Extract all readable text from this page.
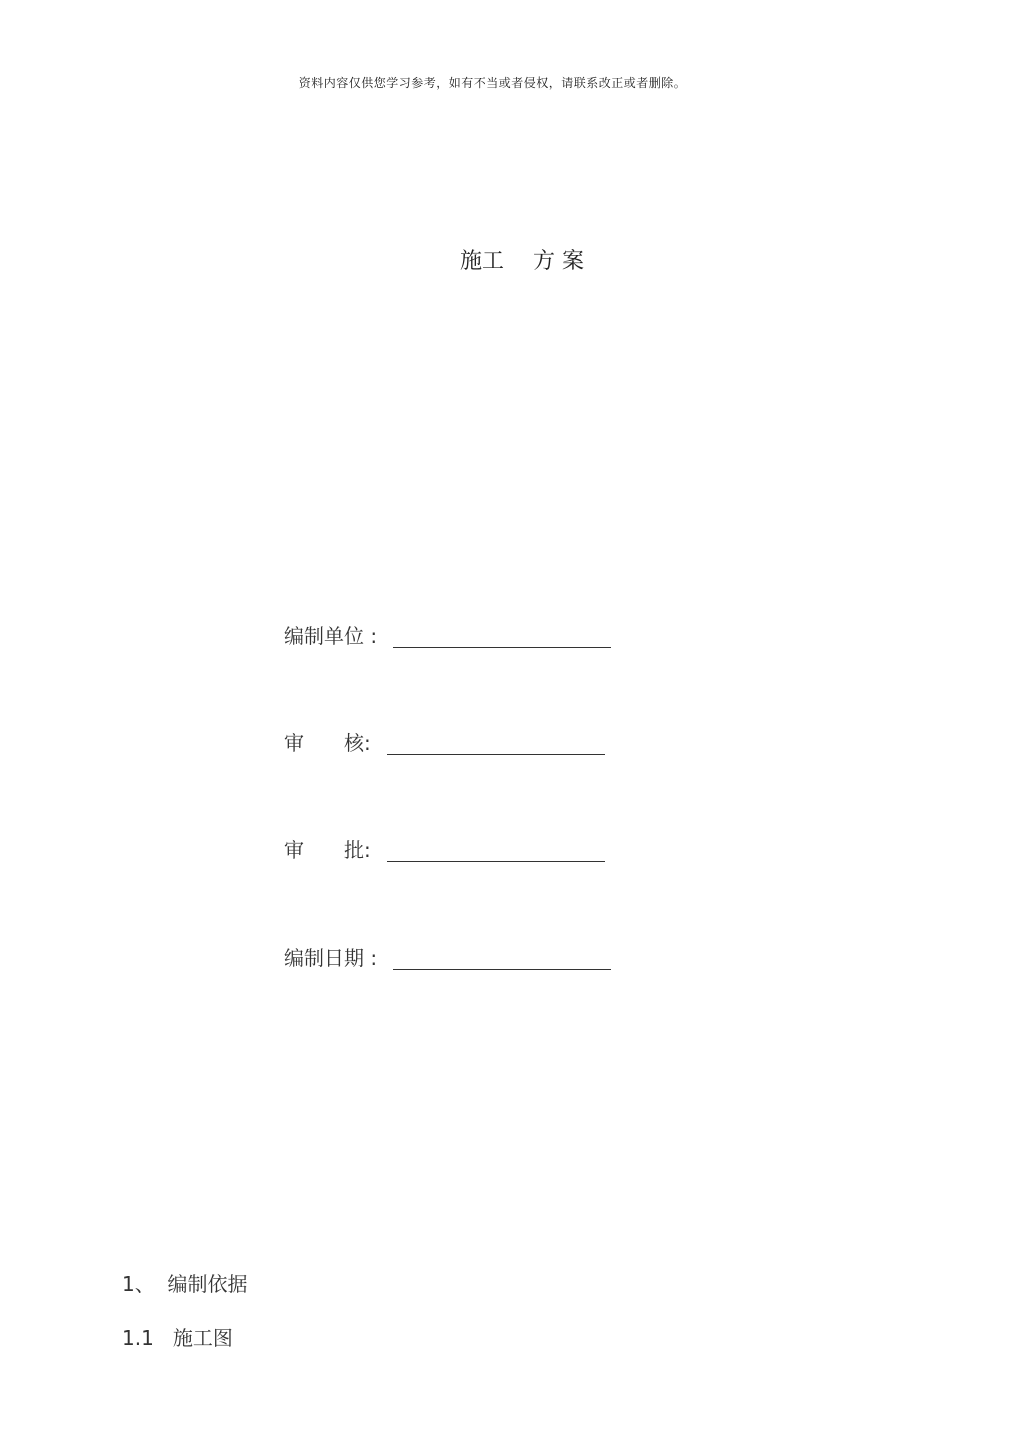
资料内容仅供您学习参考，如有不当或者侵权，请联系改正或者删除。
施工　 方 案
编制单位 :
审　　核:
审　　批:
编制日期 :
1、  编制依据
1.1   施工图
